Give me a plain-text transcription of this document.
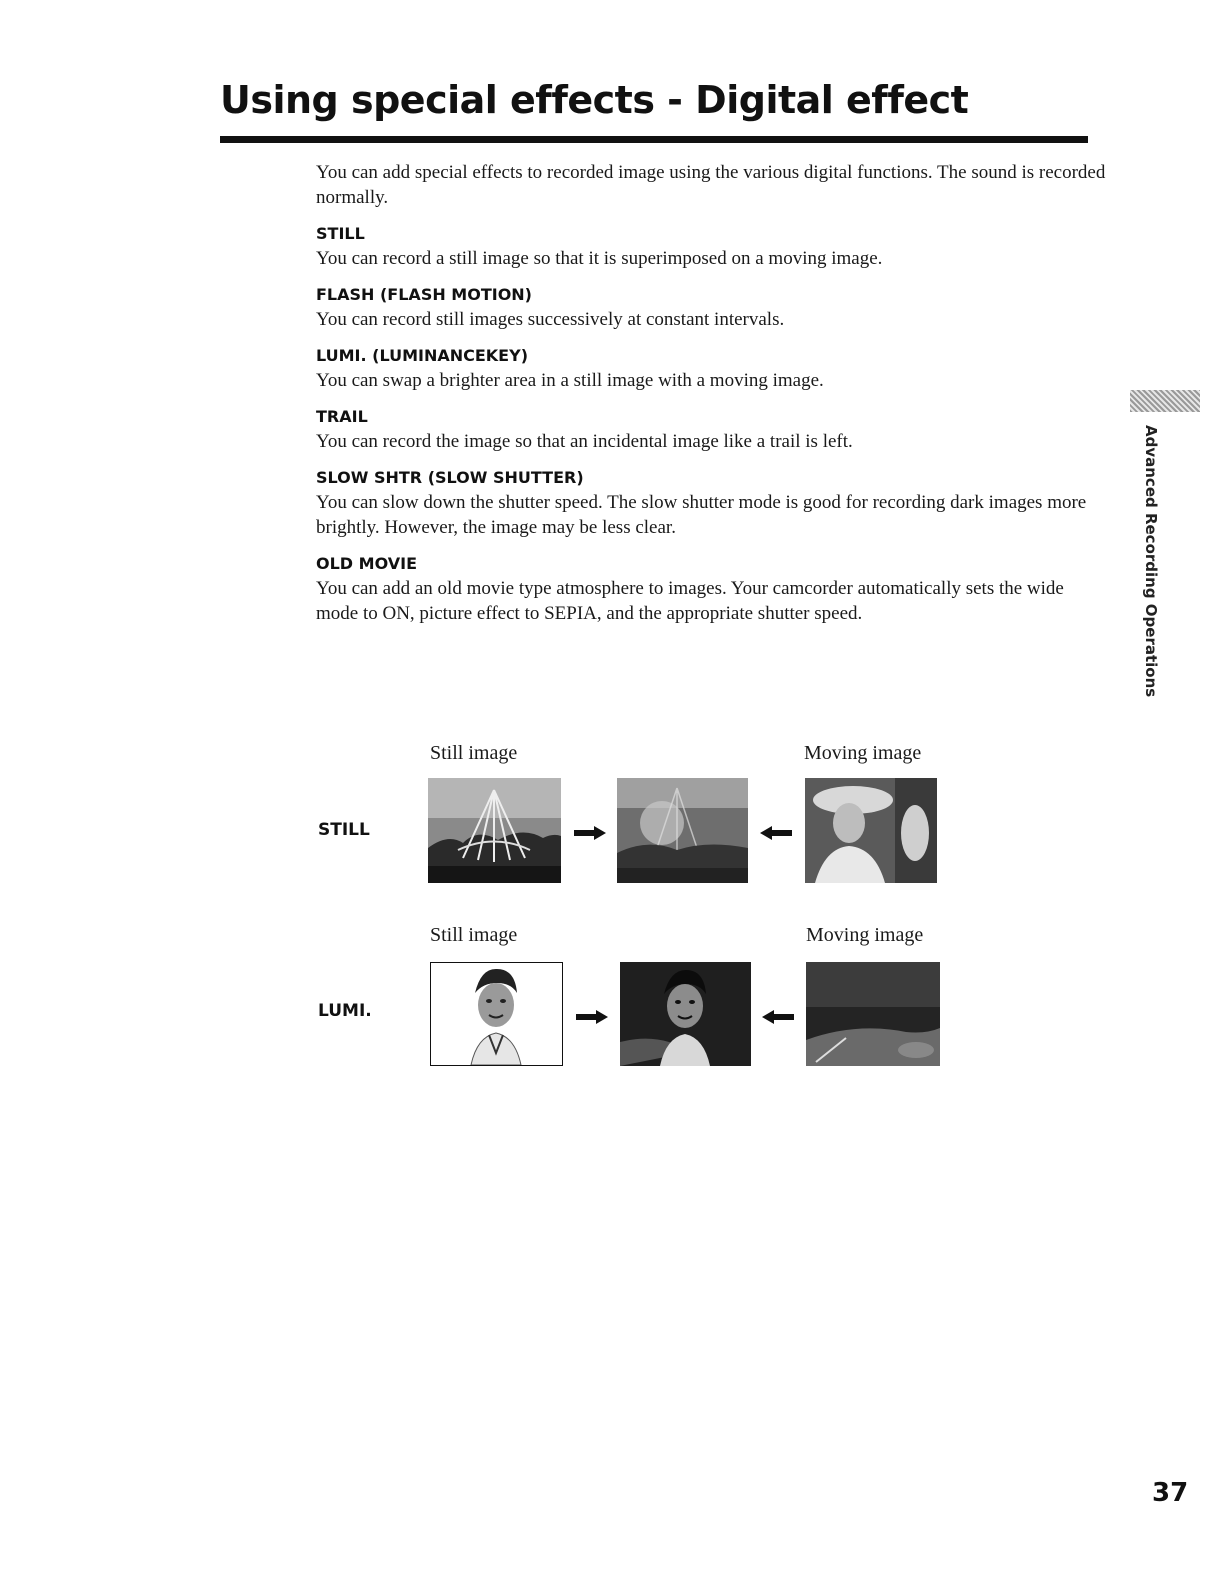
Using special effects - Digital effect

You can add special effects to recorded image using the various digital functions. The sound is recorded normally.

STILL

You can record a still image so that it is superimposed on a moving image.

FLASH (FLASH MOTION)

You can record still images successively at constant intervals.

LUMI. (LUMINANCEKEY)

You can swap a brighter area in a still image with a moving image.

TRAIL

You can record the image so that an incidental image like a trail is left.

SLOW SHTR (SLOW SHUTTER)

You can slow down the shutter speed. The slow shutter mode is good for recording dark images more brightly. However, the image may be less clear.

OLD MOVIE

You can add an old movie type atmosphere to images. Your camcorder automatically sets the wide mode to ON, picture effect to SEPIA, and the appropriate shutter speed.	Advanced Recording Operations
Still image	Moving image
STILL
Still image	Moving image
LUMI.
37
